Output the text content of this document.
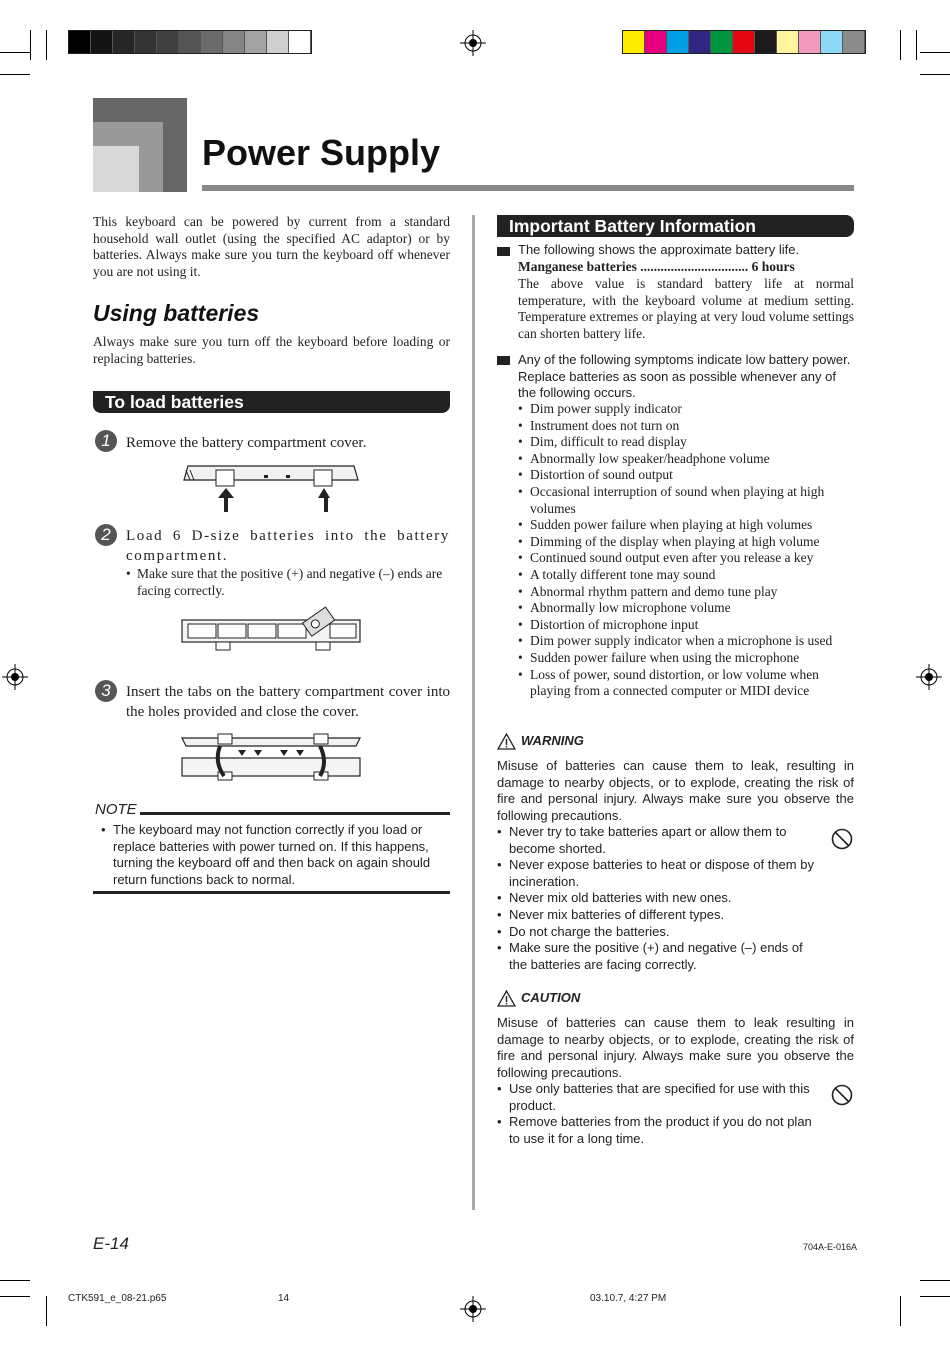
Power Supply

This keyboard can be powered by current from a standard household wall outlet (using the specified AC adaptor) or by batteries. Always make sure you turn the keyboard off whenever you are not using it.

Using batteries

Always make sure you turn off the keyboard before loading or replacing batteries.

To load batteries
1	Remove the battery compartment cover.

2	Load 6 D-size batteries into the battery compartment.

• Make sure that the positive (+) and negative (–) ends are facing correctly.

3	Insert the tabs on the battery compartment cover into the holes provided and close the cover.

NOTE
• The keyboard may not function correctly if you load or replace batteries with power turned on. If this happens, turning the keyboard off and then back on again should return functions back to normal.

Important Battery Information

The following shows the approximate battery life.

Manganese batteries ................................ 6 hours

The above value is standard battery life at normal temperature, with the keyboard volume at medium setting. Temperature extremes or playing at very loud volume settings can shorten battery life.

Any of the following symptoms indicate low battery power. Replace batteries as soon as possible whenever any of the following occurs.

• Dim power supply indicator
• Instrument does not turn on
• Dim, difficult to read display
• Abnormally low speaker/headphone volume
• Distortion of sound output
• Occasional interruption of sound when playing at high volumes
• Sudden power failure when playing at high volumes
• Dimming of the display when playing at high volume
• Continued sound output even after you release a key
• A totally different tone may sound
• Abnormal rhythm pattern and demo tune play
• Abnormally low microphone volume
• Distortion of microphone input
• Dim power supply indicator when a microphone is used
• Sudden power failure when using the microphone
• Loss of power, sound distortion, or low volume when playing from a connected computer or MIDI device
WARNING

Misuse of batteries can cause them to leak, resulting in damage to nearby objects, or to explode, creating the risk of fire and personal injury. Always make sure you observe the following precautions.

• Never try to take batteries apart or allow them to become shorted.
• Never expose batteries to heat or dispose of them by incineration.
• Never mix old batteries with new ones.
• Never mix batteries of different types.
• Do not charge the batteries.
• Make sure the positive (+) and negative (–) ends of the batteries are facing correctly.
CAUTION

Misuse of batteries can cause them to leak resulting in damage to nearby objects, or to explode, creating the risk of fire and personal injury. Always make sure you observe the following precautions.

• Use only batteries that are specified for use with this product.
• Remove batteries from the product if you do not plan to use it for a long time.
E-14	704A-E-016A
CTK591_e_08-21.p65	14	03.10.7, 4:27 PM
